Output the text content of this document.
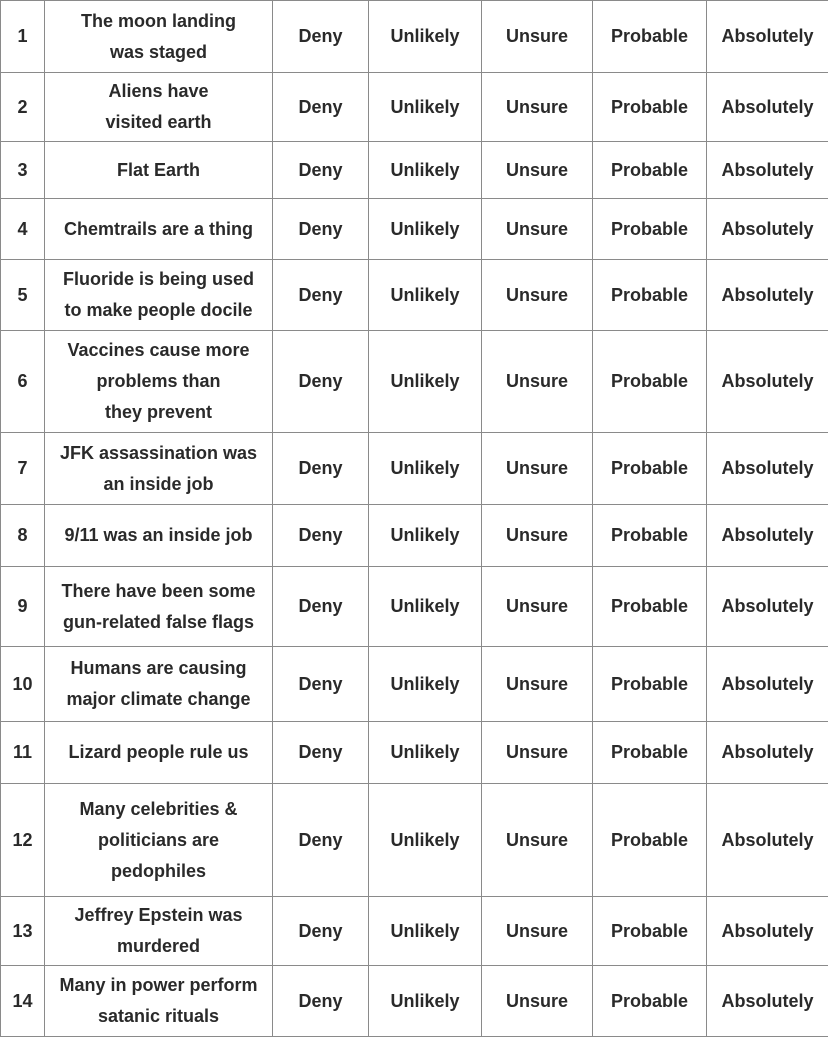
1	The moon landing
was staged	Deny	Unlikely	Unsure	Probable	Absolutely
2	Aliens have
visited earth	Deny	Unlikely	Unsure	Probable	Absolutely
3	Flat Earth	Deny	Unlikely	Unsure	Probable	Absolutely
4	Chemtrails are a thing	Deny	Unlikely	Unsure	Probable	Absolutely
5	Fluoride is being used
to make people docile	Deny	Unlikely	Unsure	Probable	Absolutely
6	Vaccines cause more
problems than
they prevent	Deny	Unlikely	Unsure	Probable	Absolutely
7	JFK assassination was
an inside job	Deny	Unlikely	Unsure	Probable	Absolutely
8	9/11 was an inside job	Deny	Unlikely	Unsure	Probable	Absolutely
9	There have been some
gun-related false flags	Deny	Unlikely	Unsure	Probable	Absolutely
10	Humans are causing
major climate change	Deny	Unlikely	Unsure	Probable	Absolutely
11	Lizard people rule us	Deny	Unlikely	Unsure	Probable	Absolutely
12	Many celebrities &
politicians are
pedophiles	Deny	Unlikely	Unsure	Probable	Absolutely
13	Jeffrey Epstein was
murdered	Deny	Unlikely	Unsure	Probable	Absolutely
14	Many in power perform
satanic rituals	Deny	Unlikely	Unsure	Probable	Absolutely
